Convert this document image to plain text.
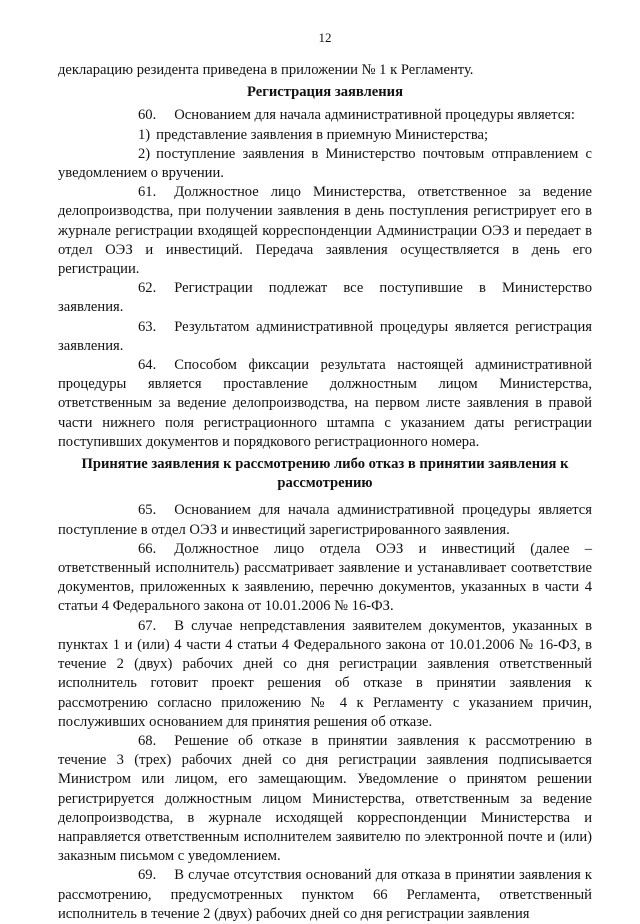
12

декларацию резидента приведена в приложении № 1 к Регламенту.

Регистрация заявления

60. Основанием для начала административной процедуры является:

1) представление заявления в приемную Министерства;

2) поступление заявления в Министерство почтовым отправлением с уведомлением о вручении.

61. Должностное лицо Министерства, ответственное за ведение делопроизводства, при получении заявления в день поступления регистрирует его в журнале регистрации входящей корреспонденции Администрации ОЭЗ и передает в отдел ОЭЗ и инвестиций. Передача заявления осуществляется в день его регистрации.

62. Регистрации подлежат все поступившие в Министерство заявления.

63. Результатом административной процедуры является регистрация заявления.

64. Способом фиксации результата настоящей административной процедуры является проставление должностным лицом Министерства, ответственным за ведение делопроизводства, на первом листе заявления в правой части нижнего поля регистрационного штампа с указанием даты регистрации поступивших документов и порядкового регистрационного номера.

Принятие заявления к рассмотрению либо отказ в принятии заявления к рассмотрению

65. Основанием для начала административной процедуры является поступление в отдел ОЭЗ и инвестиций зарегистрированного заявления.

66. Должностное лицо отдела ОЭЗ и инвестиций (далее – ответственный исполнитель) рассматривает заявление и устанавливает соответствие документов, приложенных к заявлению, перечню документов, указанных в части 4 статьи 4 Федерального закона от 10.01.2006 № 16-ФЗ.

67. В случае непредставления заявителем документов, указанных в пунктах 1 и (или) 4 части 4 статьи 4 Федерального закона от 10.01.2006 № 16-ФЗ, в течение 2 (двух) рабочих дней со дня регистрации заявления ответственный исполнитель готовит проект решения об отказе в принятии заявления к рассмотрению согласно приложению № 4 к Регламенту с указанием причин, послуживших основанием для принятия решения об отказе.

68. Решение об отказе в принятии заявления к рассмотрению в течение 3 (трех) рабочих дней со дня регистрации заявления подписывается Министром или лицом, его замещающим. Уведомление о принятом решении регистрируется должностным лицом Министерства, ответственным за ведение делопроизводства, в журнале исходящей корреспонденции Министерства и направляется ответственным исполнителем заявителю по электронной почте и (или) заказным письмом с уведомлением.

69. В случае отсутствия оснований для отказа в принятии заявления к рассмотрению, предусмотренных пунктом 66 Регламента, ответственный исполнитель в течение 2 (двух) рабочих дней со дня регистрации заявления
